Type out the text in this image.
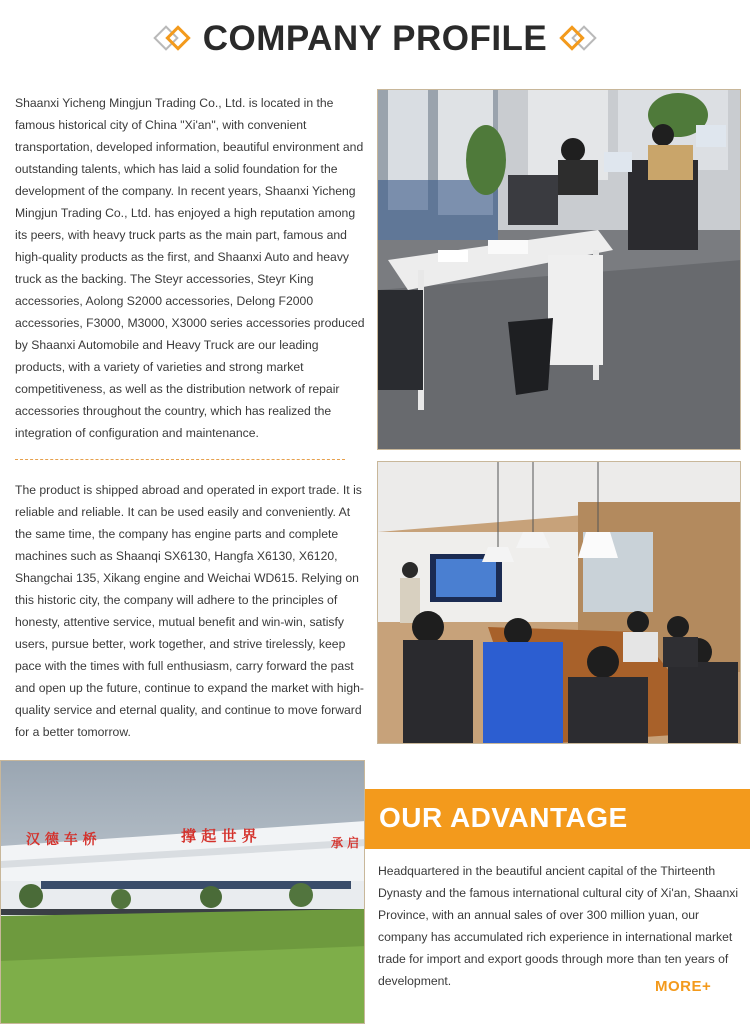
COMPANY PROFILE

Shaanxi Yicheng Mingjun Trading Co., Ltd. is located in the famous historical city of China "Xi'an", with convenient transportation, developed information, beautiful environment and outstanding talents, which has laid a solid foundation for the development of the company. In recent years, Shaanxi Yicheng Mingjun Trading Co., Ltd. has enjoyed a high reputation among its peers, with heavy truck parts as the main part, famous and high-quality products as the first, and Shaanxi Auto and heavy truck as the backing. The Steyr accessories, Steyr King accessories, Aolong S2000 accessories, Delong F2000 accessories, F3000, M3000, X3000 series accessories produced by Shaanxi Automobile and Heavy Truck are our leading products, with a variety of varieties and strong market competitiveness, as well as the distribution network of repair accessories throughout the country, which has realized the integration of configuration and maintenance.

The product is shipped abroad and operated in export trade. It is reliable and reliable. It can be used easily and conveniently. At the same time, the company has engine parts and complete machines such as Shaanqi SX6130, Hangfa X6130, X6120, Shangchai 135, Xikang engine and Weichai WD615. Relying on this historic city, the company will adhere to the principles of honesty, attentive service, mutual benefit and win-win, satisfy users, pursue better, work together, and strive tirelessly, keep pace with the times with full enthusiasm, carry forward the past and open up the future, continue to expand the market with high-quality service and eternal quality, and continue to move forward for a better tomorrow.

汉 德 车 桥	撑 起 世 界	承 启
OUR ADVANTAGE

Headquartered in the beautiful ancient capital of the Thirteenth Dynasty and the famous international cultural city of Xi'an, Shaanxi Province, with an annual sales of over 300 million yuan, our company has accumulated rich experience in international market trade for import and export goods through more than ten years of development.	MORE+
